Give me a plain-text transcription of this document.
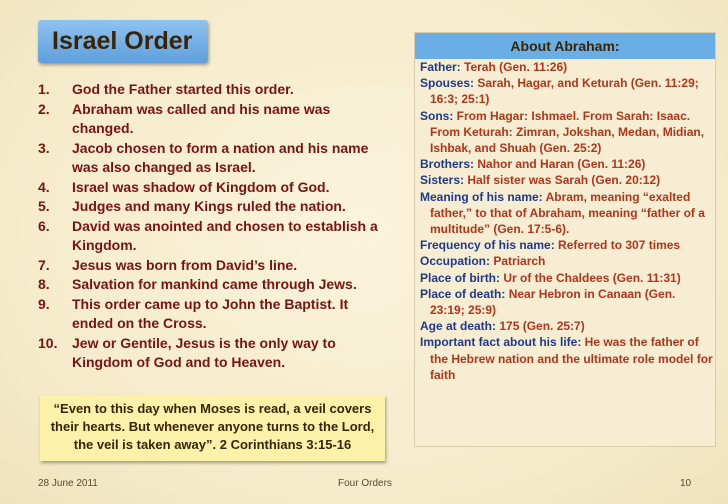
Israel Order
1. God the Father started this order.
2. Abraham was called and his name was changed.
3. Jacob chosen to form a nation and his name was also changed as Israel.
4. Israel was shadow of Kingdom of God.
5. Judges and many Kings ruled the nation.
6. David was anointed and chosen to establish a Kingdom.
7. Jesus was born from David’s line.
8. Salvation for mankind came through Jews.
9. This order came up to John the Baptist. It ended on the Cross.
10. Jew or Gentile, Jesus is the only way to Kingdom of God and to Heaven.
“Even to this day when Moses is read, a veil covers their hearts. But whenever anyone turns to the Lord, the veil is taken away”. 2 Corinthians 3:15-16
About Abraham:
Father: Terah (Gen. 11:26)
Spouses: Sarah, Hagar, and Keturah (Gen. 11:29; 16:3; 25:1)
Sons: From Hagar: Ishmael. From Sarah: Isaac. From Keturah: Zimran, Jokshan, Medan, Midian, Ishbak, and Shuah (Gen. 25:2)
Brothers: Nahor and Haran (Gen. 11:26)
Sisters: Half sister was Sarah (Gen. 20:12)
Meaning of his name: Abram, meaning “exalted father,” to that of Abraham, meaning “father of a multitude” (Gen. 17:5-6).
Frequency of his name: Referred to 307 times
Occupation: Patriarch
Place of birth: Ur of the Chaldees (Gen. 11:31)
Place of death: Near Hebron in Canaan (Gen. 23:19; 25:9)
Age at death: 175 (Gen. 25:7)
Important fact about his life: He was the father of the Hebrew nation and the ultimate role model for faith
28 June 2011	Four Orders	10
